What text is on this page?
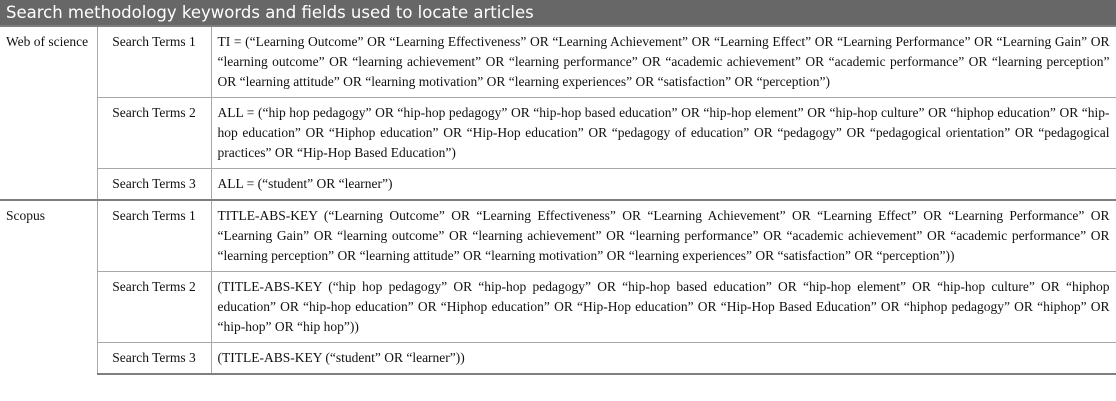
Search methodology keywords and fields used to locate articles
Web of science	Search Terms 1	TI = (“Learning Outcome” OR “Learning Effectiveness” OR “Learning Achievement” OR “Learning Effect” OR “Learning Performance” OR “Learning Gain” OR “learning outcome” OR “learning achievement” OR “learning performance” OR “academic achievement” OR “academic performance” OR “learning perception” OR “learning attitude” OR “learning motivation” OR “learning experiences” OR “satisfaction” OR “perception”)
	Search Terms 2	ALL = (“hip hop pedagogy” OR “hip-hop pedagogy” OR “hip-hop based education” OR “hip-hop element” OR “hip-hop culture” OR “hiphop education” OR “hip-hop education” OR “Hiphop education” OR “Hip-Hop education” OR “pedagogy of education” OR “pedagogy” OR “pedagogical orientation” OR “pedagogical practices” OR “Hip-Hop Based Education”)
	Search Terms 3	ALL = (“student” OR “learner”)
Scopus	Search Terms 1	TITLE-ABS-KEY (“Learning Outcome” OR “Learning Effectiveness” OR “Learning Achievement” OR “Learning Effect” OR “Learning Performance” OR “Learning Gain” OR “learning outcome” OR “learning achievement” OR “learning performance” OR “academic achievement” OR “academic performance” OR “learning perception” OR “learning attitude” OR “learning motivation” OR “learning experiences” OR “satisfaction” OR “perception”))
	Search Terms 2	(TITLE-ABS-KEY (“hip hop pedagogy” OR “hip-hop pedagogy” OR “hip-hop based education” OR “hip-hop element” OR “hip-hop culture” OR “hiphop education” OR “hip-hop education” OR “Hiphop education” OR “Hip-Hop education” OR “Hip-Hop Based Education” OR “hiphop pedagogy” OR “hiphop” OR “hip-hop” OR “hip hop”))
	Search Terms 3	(TITLE-ABS-KEY (“student” OR “learner”))
